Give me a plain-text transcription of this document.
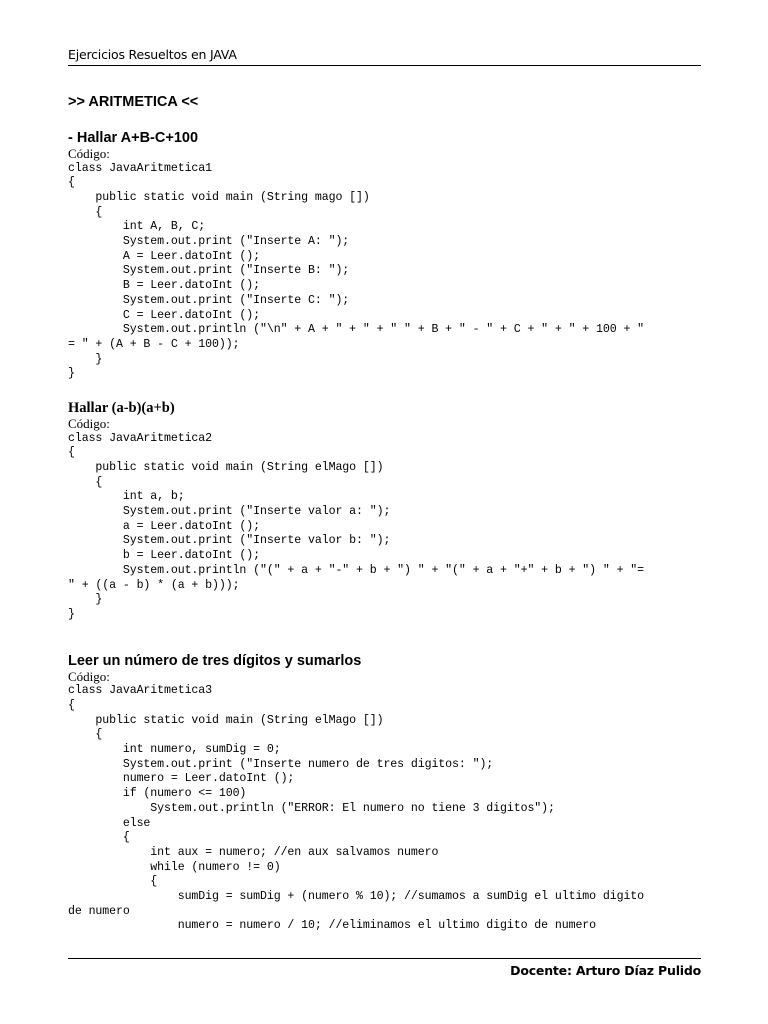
Ejercicios Resueltos en JAVA
>> ARITMETICA <<
- Hallar A+B-C+100

Código:

class JavaAritmetica1
{
public static void main (String mago [])
{
int A, B, C;
System.out.print ("Inserte A: ");
A = Leer.datoInt ();
System.out.print ("Inserte B: ");
B = Leer.datoInt ();
System.out.print ("Inserte C: ");
C = Leer.datoInt ();
System.out.println ("\n" + A + " + " + " " + B + " - " + C + " + " + 100 + "
= " + (A + B - C + 100));
}
}
Hallar (a-b)(a+b)

Código:

class JavaAritmetica2
{
public static void main (String elMago [])
{
int a, b;
System.out.print ("Inserte valor a: ");
a = Leer.datoInt ();
System.out.print ("Inserte valor b: ");
b = Leer.datoInt ();
System.out.println ("(" + a + "-" + b + ") " + "(" + a + "+" + b + ") " + "=
" + ((a - b) * (a + b)));
}
}
Leer un número de tres dígitos y sumarlos

Código:

class JavaAritmetica3
{
public static void main (String elMago [])
{
int numero, sumDig = 0;
System.out.print ("Inserte numero de tres digitos: ");
numero = Leer.datoInt ();
if (numero <= 100)
System.out.println ("ERROR: El numero no tiene 3 digitos");
else
{
int aux = numero; //en aux salvamos numero
while (numero != 0)
{
sumDig = sumDig + (numero % 10); //sumamos a sumDig el ultimo digito
de numero
numero = numero / 10; //eliminamos el ultimo digito de numero
Docente: Arturo Díaz Pulido
